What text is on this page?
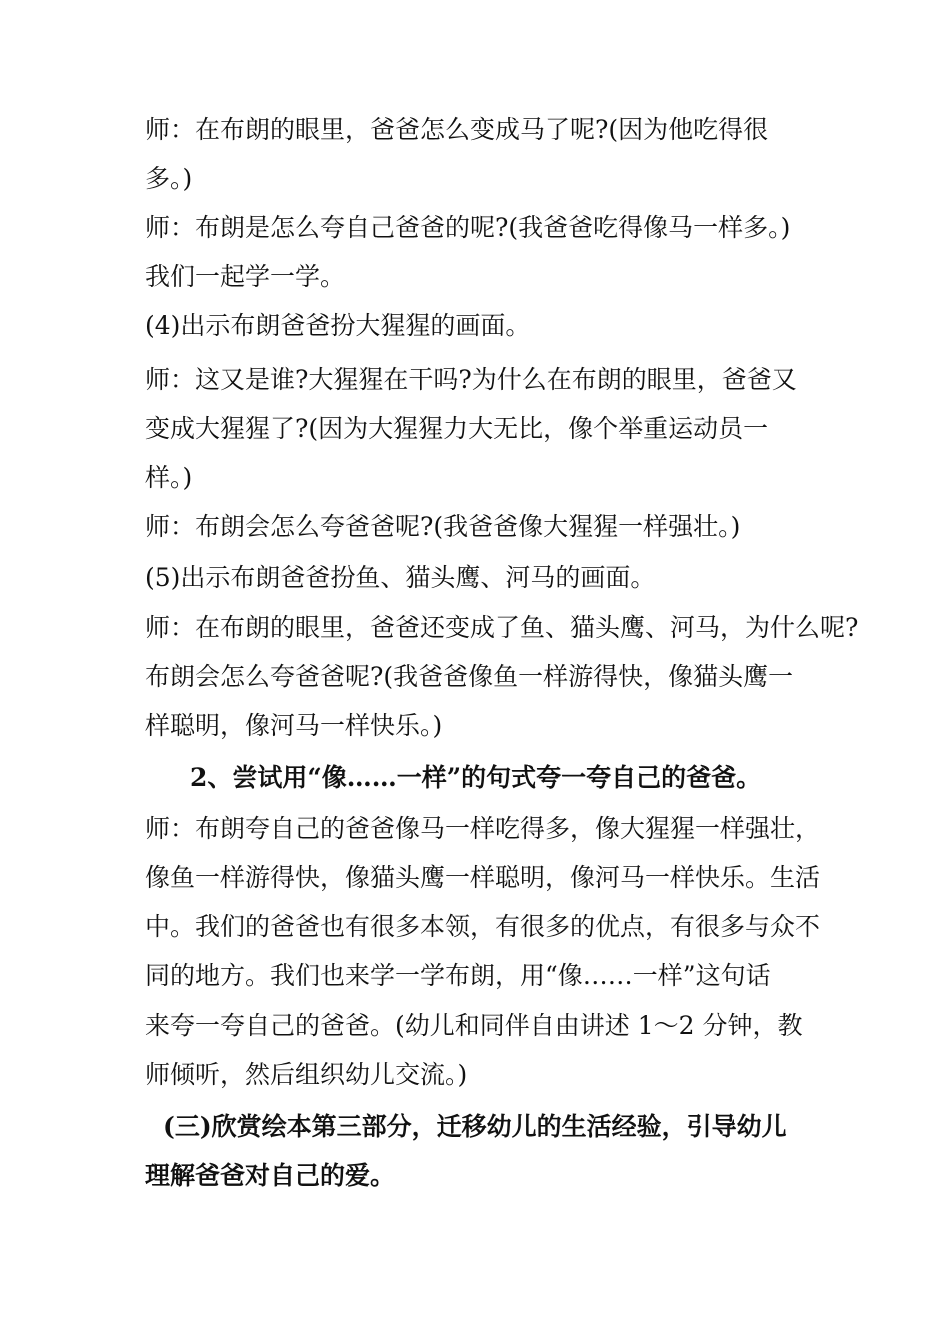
师：在布朗的眼里，爸爸怎么变成马了呢?(因为他吃得很
多。)
师：布朗是怎么夸自己爸爸的呢?(我爸爸吃得像马一样多。)
我们一起学一学。
(4)出示布朗爸爸扮大猩猩的画面。
师：这又是谁?大猩猩在干吗?为什么在布朗的眼里，爸爸又
变成大猩猩了?(因为大猩猩力大无比，像个举重运动员一
样。)
师：布朗会怎么夸爸爸呢?(我爸爸像大猩猩一样强壮。)
(5)出示布朗爸爸扮鱼、猫头鹰、河马的画面。
师：在布朗的眼里，爸爸还变成了鱼、猫头鹰、河马，为什么呢?
布朗会怎么夸爸爸呢?(我爸爸像鱼一样游得快，像猫头鹰一
样聪明，像河马一样快乐。)
2、尝试用“像……一样”的句式夸一夸自己的爸爸。
师：布朗夸自己的爸爸像马一样吃得多，像大猩猩一样强壮，
像鱼一样游得快，像猫头鹰一样聪明，像河马一样快乐。生活
中。我们的爸爸也有很多本领，有很多的优点，有很多与众不
同的地方。我们也来学一学布朗，用“像……一样”这句话
来夸一夸自己的爸爸。(幼儿和同伴自由讲述 1～2 分钟，教
师倾听，然后组织幼儿交流。)
(三)欣赏绘本第三部分，迁移幼儿的生活经验，引导幼儿
理解爸爸对自己的爱。
